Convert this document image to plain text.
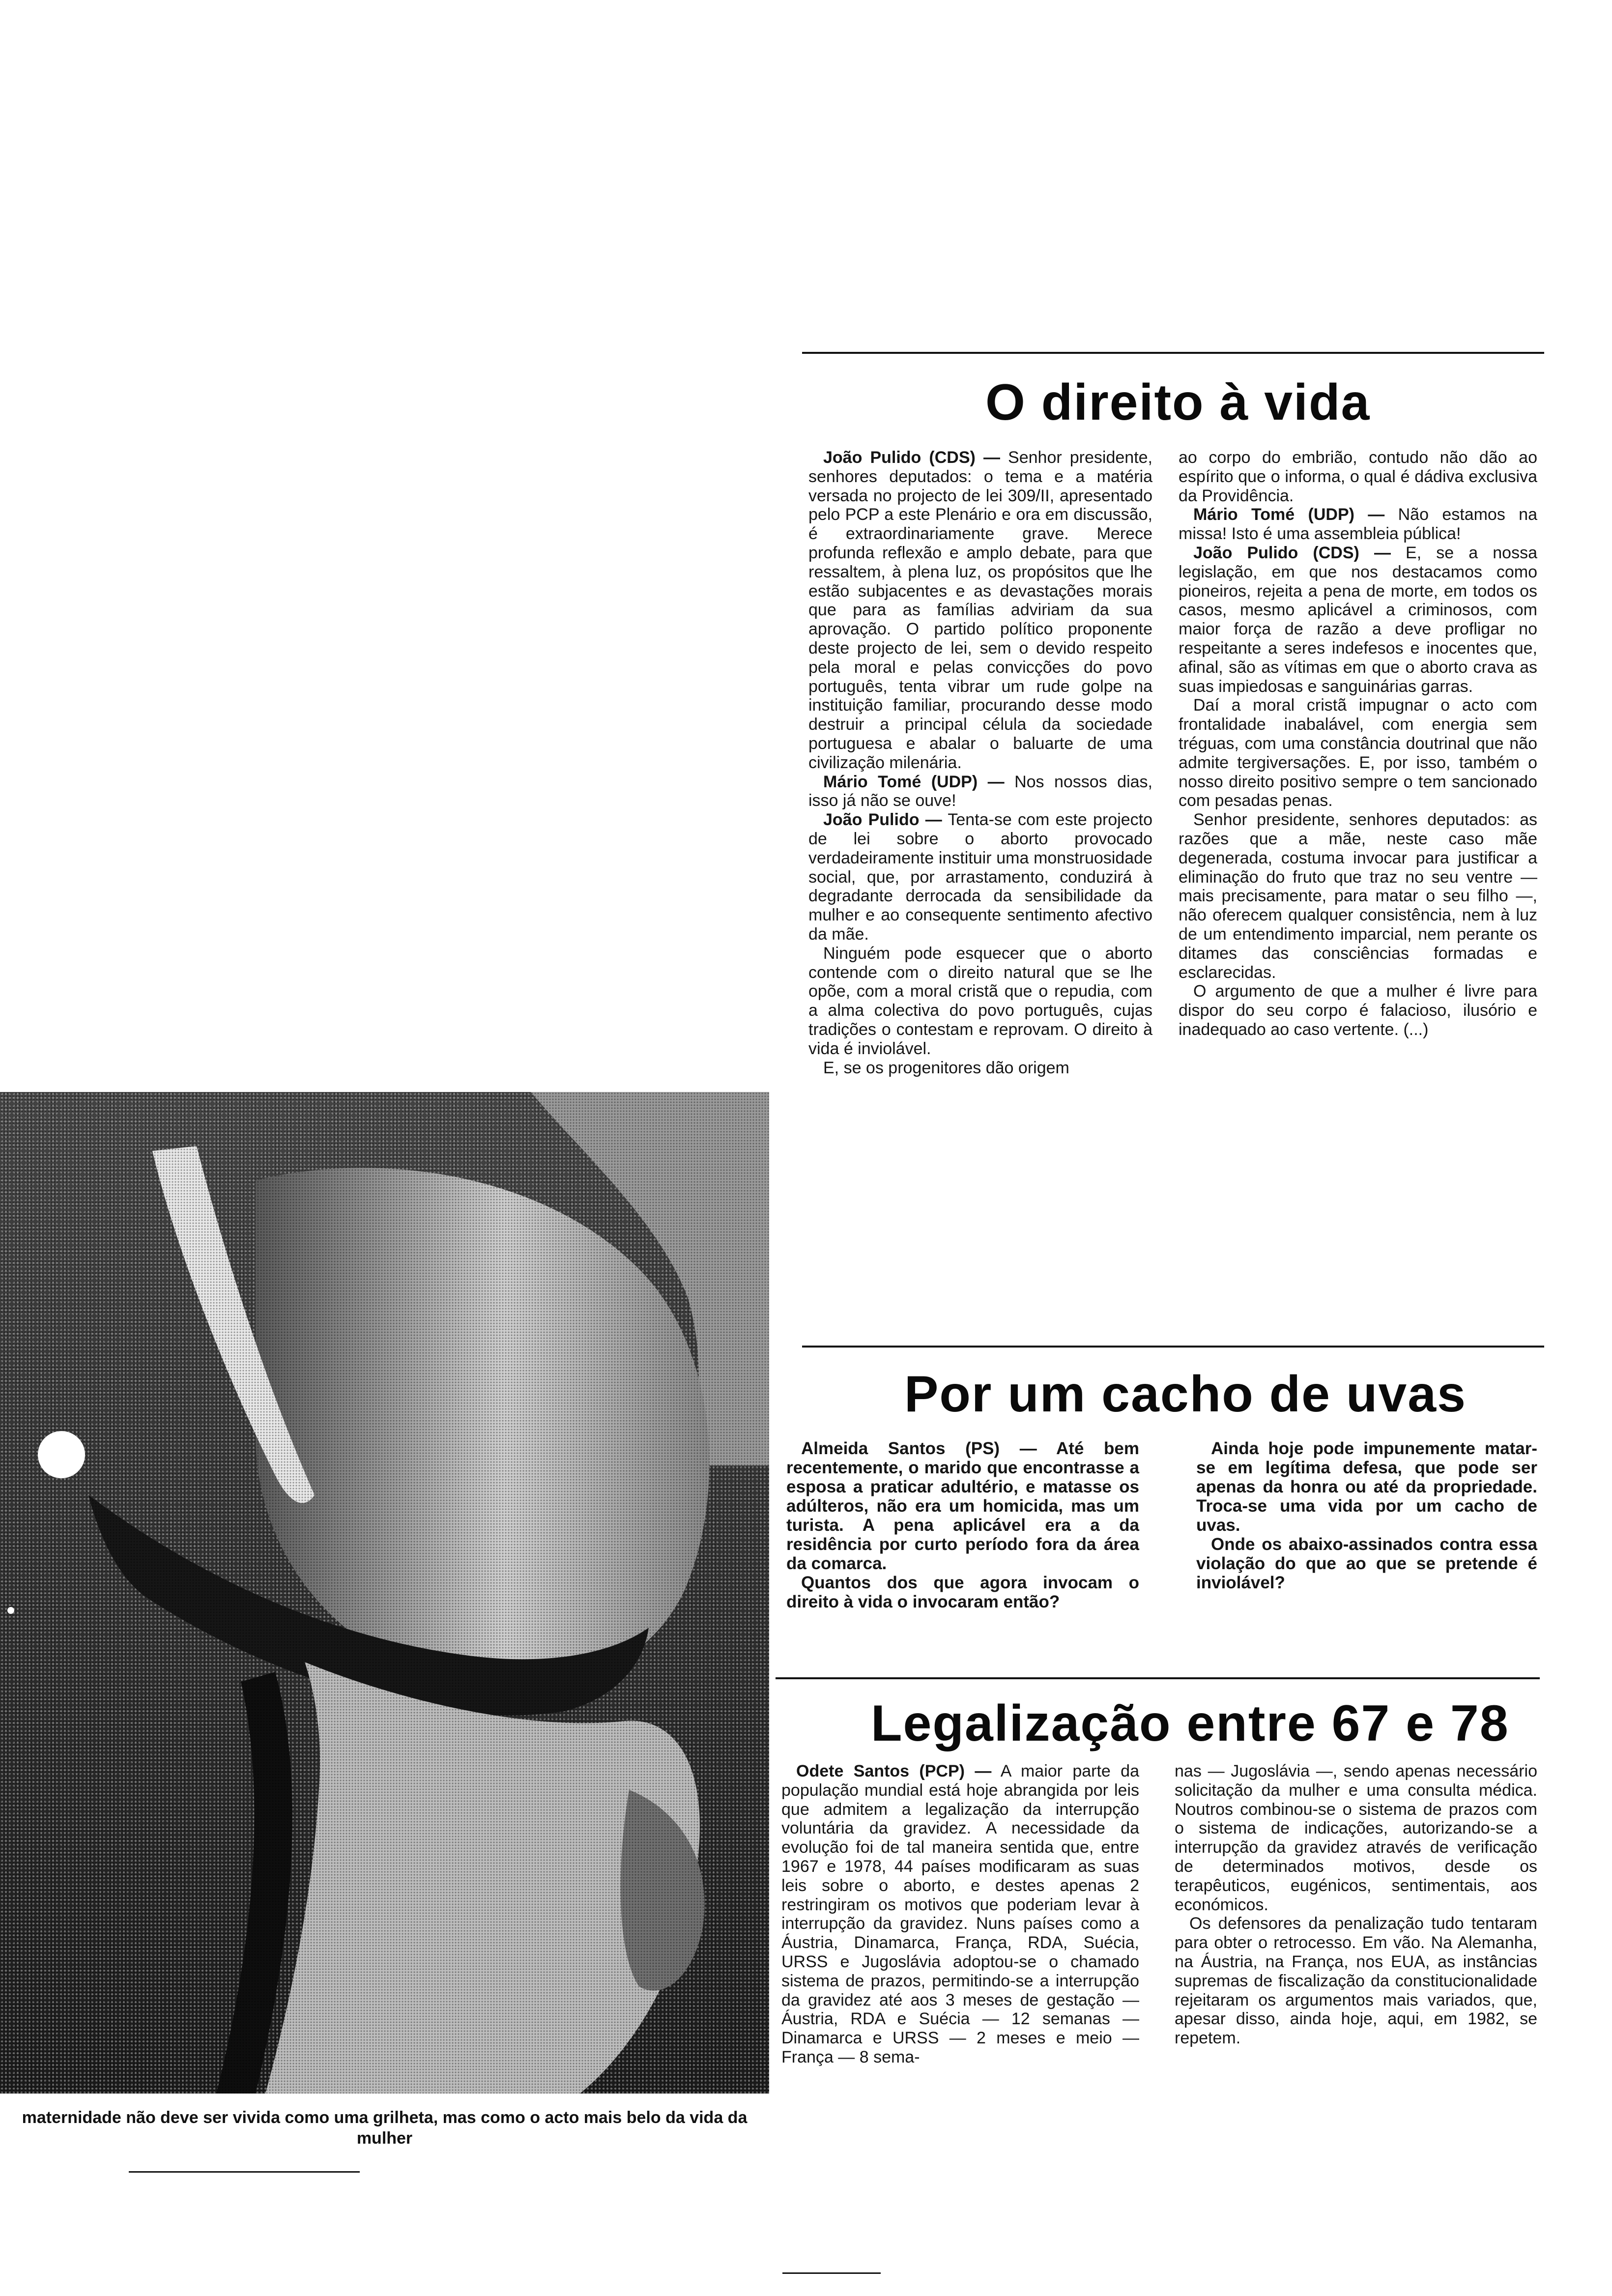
O direito à vida

João Pulido (CDS) — Senhor presidente, senhores deputados: o tema e a matéria versada no projecto de lei 309/II, apresentado pelo PCP a este Plenário e ora em discussão, é extraordinariamente grave. Merece profunda reflexão e amplo debate, para que ressaltem, à plena luz, os propósitos que lhe estão subjacentes e as devastações morais que para as famílias adviriam da sua aprovação. O partido político proponente deste projecto de lei, sem o devido respeito pela moral e pelas convicções do povo português, tenta vibrar um rude golpe na instituição familiar, procurando desse modo destruir a principal célula da sociedade portuguesa e abalar o baluarte de uma civilização milenária.

Mário Tomé (UDP) — Nos nossos dias, isso já não se ouve!

João Pulido — Tenta-se com este projecto de lei sobre o aborto provocado verdadeiramente instituir uma monstruosidade social, que, por arrastamento, conduzirá à degradante derrocada da sensibilidade da mulher e ao consequente sentimento afectivo da mãe.

Ninguém pode esquecer que o aborto contende com o direito natural que se lhe opõe, com a moral cristã que o repudia, com a alma colectiva do povo português, cujas tradições o contestam e reprovam. O direito à vida é inviolável.

E, se os progenitores dão origem

ao corpo do embrião, contudo não dão ao espírito que o informa, o qual é dádiva exclusiva da Providência.

Mário Tomé (UDP) — Não estamos na missa! Isto é uma assembleia pública!

João Pulido (CDS) — E, se a nossa legislação, em que nos destacamos como pioneiros, rejeita a pena de morte, em todos os casos, mesmo aplicável a criminosos, com maior força de razão a deve profligar no respeitante a seres indefesos e inocentes que, afinal, são as vítimas em que o aborto crava as suas impiedosas e sanguinárias garras.

Daí a moral cristã impugnar o acto com frontalidade inabalável, com energia sem tréguas, com uma constância doutrinal que não admite tergiversações. E, por isso, também o nosso direito positivo sempre o tem sancionado com pesadas penas.

Senhor presidente, senhores deputados: as razões que a mãe, neste caso mãe degenerada, costuma invocar para justificar a eliminação do fruto que traz no seu ventre — mais precisamente, para matar o seu filho —, não oferecem qualquer consistência, nem à luz de um entendimento imparcial, nem perante os ditames das consciências formadas e esclarecidas.

O argumento de que a mulher é livre para dispor do seu corpo é falacioso, ilusório e inadequado ao caso vertente. (...)

Por um cacho de uvas

Almeida Santos (PS) — Até bem recentemente, o marido que encontrasse a esposa a praticar adultério, e matasse os adúlteros, não era um homicida, mas um turista. A pena aplicável era a da residência por curto período fora da área da comarca.

Quantos dos que agora invocam o direito à vida o invocaram então?

Ainda hoje pode impunemente matar-se em legítima defesa, que pode ser apenas da honra ou até da propriedade. Troca-se uma vida por um cacho de uvas.

Onde os abaixo-assinados contra essa violação do que ao que se pretende é inviolável?

Legalização entre 67 e 78

Odete Santos (PCP) — A maior parte da população mundial está hoje abrangida por leis que admitem a legalização da interrupção voluntária da gravidez. A necessidade da evolução foi de tal maneira sentida que, entre 1967 e 1978, 44 países modificaram as suas leis sobre o aborto, e destes apenas 2 restringiram os motivos que poderiam levar à interrupção da gravidez. Nuns países como a Áustria, Dinamarca, França, RDA, Suécia, URSS e Jugoslávia adoptou-se o chamado sistema de prazos, permitindo-se a interrupção da gravidez até aos 3 meses de gestação — Áustria, RDA e Suécia — 12 semanas — Dinamarca e URSS — 2 meses e meio — França — 8 sema-

nas — Jugoslávia —, sendo apenas necessário solicitação da mulher e uma consulta médica. Noutros combinou-se o sistema de prazos com o sistema de indicações, autorizando-se a interrupção da gravidez através de verificação de determinados motivos, desde os terapêuticos, eugénicos, sentimentais, aos económicos.

Os defensores da penalização tudo tentaram para obter o retrocesso. Em vão. Na Alemanha, na Áustria, na França, nos EUA, as instâncias supremas de fiscalização da constitucionalidade rejeitaram os argumentos mais variados, que, apesar disso, ainda hoje, aqui, em 1982, se repetem.

maternidade não deve ser vivida como uma grilheta, mas como o acto mais belo da vida da mulher
